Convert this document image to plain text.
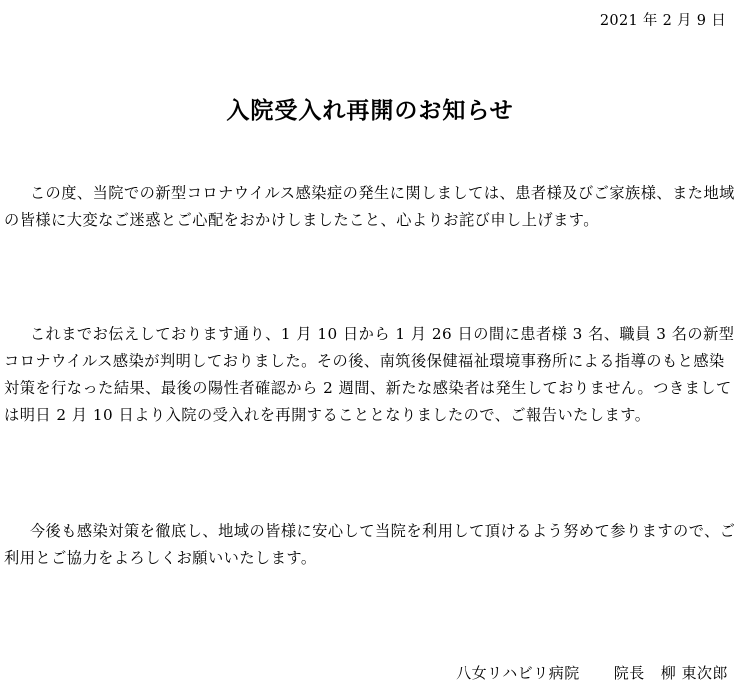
2021 年 2 月 9 日
入院受入れ再開のお知らせ

この度、当院での新型コロナウイルス感染症の発生に関しましては、患者様及びご家族様、また地域の皆様に大変なご迷惑とご心配をおかけしましたこと、心よりお詫び申し上げます。

これまでお伝えしております通り、1 月 10 日から 1 月 26 日の間に患者様 3 名、職員 3 名の新型コロナウイルス感染が判明しておりました。その後、南筑後保健福祉環境事務所による指導のもと感染対策を行なった結果、最後の陽性者確認から 2 週間、新たな感染者は発生しておりません。つきましては明日 2 月 10 日より入院の受入れを再開することとなりましたので、ご報告いたします。

今後も感染対策を徹底し、地域の皆様に安心して当院を利用して頂けるよう努めて参りますので、ご利用とご協力をよろしくお願いいたします。

八女リハビリ病院 院長 柳 東次郎
